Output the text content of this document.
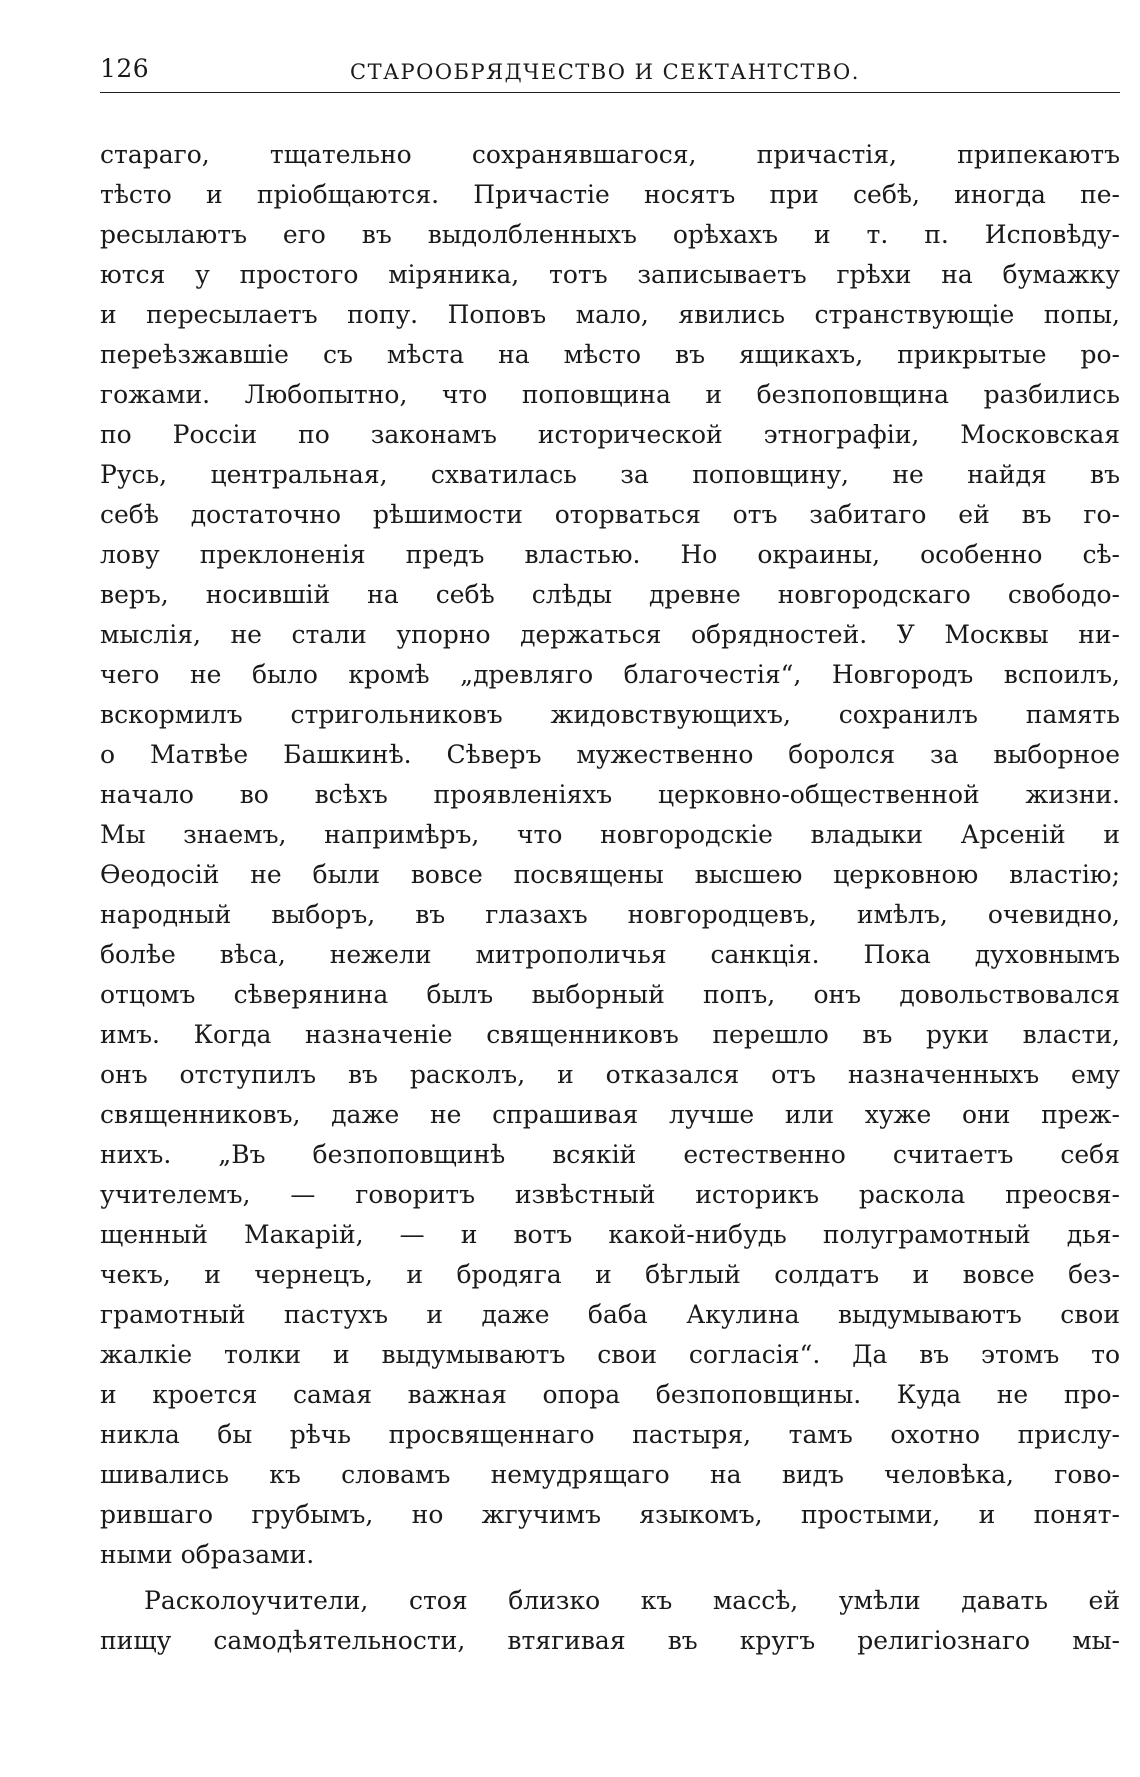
126	СТАРООБРЯДЧЕСТВО И СЕКТАНТСТВО.
стараго, тщательно сохранявшагося, причастія, припекаютъ
тѣсто и пріобщаются. Причастіе носятъ при себѣ, иногда пе-
ресылаютъ его въ выдолбленныхъ орѣхахъ и т. п. Исповѣду-
ются у простого міряника, тотъ записываетъ грѣхи на бумажку
и пересылаетъ попу. Поповъ мало, явились странствующіе попы,
переѣзжавшіе съ мѣста на мѣсто въ ящикахъ, прикрытые ро-
гожами. Любопытно, что поповщина и безпоповщина разбились
по Россіи по законамъ исторической этнографіи, Московская
Русь, центральная, схватилась за поповщину, не найдя въ
себѣ достаточно рѣшимости оторваться отъ забитаго ей въ го-
лову преклоненія предъ властью. Но окраины, особенно сѣ-
веръ, носившій на себѣ слѣды древне новгородскаго свободо-
мыслія, не стали упорно держаться обрядностей. У Москвы ни-
чего не было кромѣ „древляго благочестія“, Новгородъ вспоилъ,
вскормилъ стригольниковъ жидовствующихъ, сохранилъ память
о Матвѣе Башкинѣ. Сѣверъ мужественно боролся за выборное
начало во всѣхъ проявленіяхъ церковно-общественной жизни.
Мы знаемъ, напримѣръ, что новгородскіе владыки Арсеній и
Ѳеодосій не были вовсе посвящены высшею церковною властію;
народный выборъ, въ глазахъ новгородцевъ, имѣлъ, очевидно,
болѣе вѣса, нежели митрополичья санкція. Пока духовнымъ
отцомъ сѣверянина былъ выборный попъ, онъ довольствовался
имъ. Когда назначеніе священниковъ перешло въ руки власти,
онъ отступилъ въ расколъ, и отказался отъ назначенныхъ ему
священниковъ, даже не спрашивая лучше или хуже они преж-
нихъ. „Въ безпоповщинѣ всякій естественно считаетъ себя
учителемъ, — говоритъ извѣстный историкъ раскола преосвя-
щенный Макарій, — и вотъ какой-нибудь полуграмотный дья-
чекъ, и чернецъ, и бродяга и бѣглый солдатъ и вовсе без-
грамотный пастухъ и даже баба Акулина выдумываютъ свои
жалкіе толки и выдумываютъ свои согласія“. Да въ этомъ то
и кроется самая важная опора безпоповщины. Куда не про-
никла бы рѣчь просвященнаго пастыря, тамъ охотно прислу-
шивались къ словамъ немудрящаго на видъ человѣка, гово-
рившаго грубымъ, но жгучимъ языкомъ, простыми, и понят-
ными образами.
Расколоучители, стоя близко къ массѣ, умѣли давать ей
пищу самодѣятельности, втягивая въ кругъ религіознаго мы-
